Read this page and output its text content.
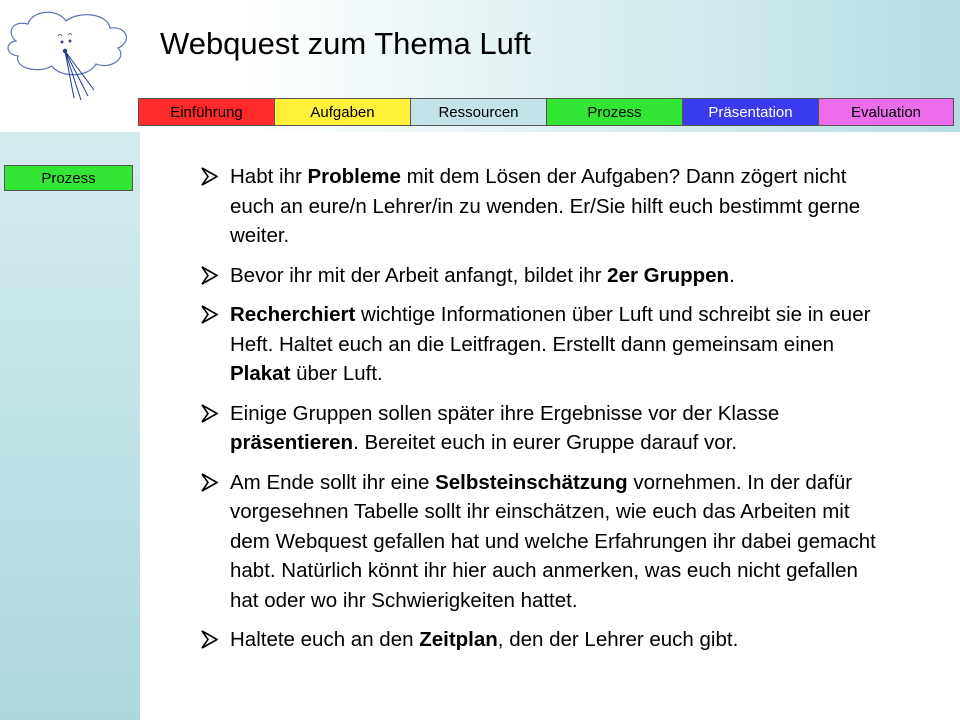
Webquest zum Thema Luft
Einführung	Aufgaben	Ressourcen	Prozess	Präsentation	Evaluation
Prozess	Habt ihr Probleme mit dem Lösen der Aufgaben? Dann zögert nicht euch an eure/n Lehrer/in zu wenden. Er/Sie hilft euch bestimmt gerne weiter.
Bevor ihr mit der Arbeit anfangt, bildet ihr 2er Gruppen.
Recherchiert wichtige Informationen über Luft und schreibt sie in euer Heft. Haltet euch an die Leitfragen. Erstellt dann gemeinsam einen Plakat über Luft.
Einige Gruppen sollen später ihre Ergebnisse vor der Klasse präsentieren. Bereitet euch in eurer Gruppe darauf vor.
Am Ende sollt ihr eine Selbsteinschätzung vornehmen. In der dafür vorgesehnen Tabelle sollt ihr einschätzen, wie euch das Arbeiten mit dem Webquest gefallen hat und welche Erfahrungen ihr dabei gemacht habt. Natürlich könnt ihr hier auch anmerken, was euch nicht gefallen hat oder wo ihr Schwierigkeiten hattet.
Haltete euch an den Zeitplan, den der Lehrer euch gibt.
